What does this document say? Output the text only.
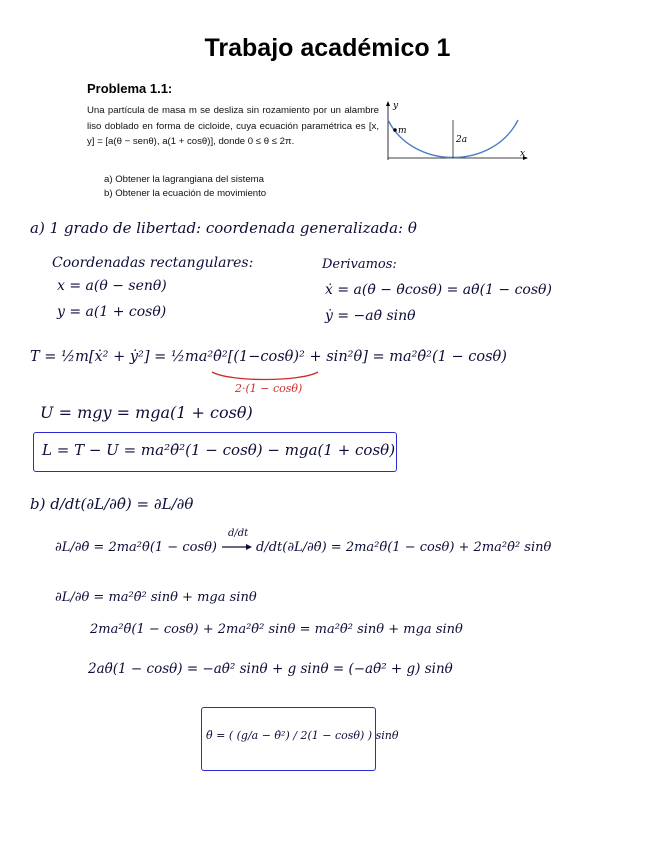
Trabajo académico 1
Problema 1.1:
Una partícula de masa m se desliza sin rozamiento por un alambre liso doblado en forma de cicloide, cuya ecuación paramétrica es [x, y] = [a(θ − senθ), a(1 + cosθ)], donde 0 ≤ θ ≤ 2π.
a) Obtener la lagrangiana del sistema
b) Obtener la ecuación de movimiento
y
x
m
2a
a) 1 grado de libertad: coordenada generalizada: θ
Coordenadas rectangulares:	Derivamos:
x = a(θ − senθ)
y = a(1 + cosθ)
ẋ = a(θ̇ − θ̇cosθ) = aθ̇(1 − cosθ)
ẏ = −aθ̇ sinθ
T = ½m[ẋ² + ẏ²] = ½ma²θ̇²[(1−cosθ)² + sin²θ] = ma²θ̇²(1 − cosθ)
2·(1 − cosθ)
U = mgy = mga(1 + cosθ)
L = T − U = ma²θ̇²(1 − cosθ) − mga(1 + cosθ)
b) d/dt(∂L/∂θ̇) = ∂L/∂θ
∂L/∂θ̇ = 2ma²θ̇(1 − cosθ)
d/dt
d/dt(∂L/∂θ̇) = 2ma²θ̈(1 − cosθ) + 2ma²θ̇² sinθ
∂L/∂θ = ma²θ̇² sinθ + mga sinθ
2ma²θ̈(1 − cosθ) + 2ma²θ̇² sinθ = ma²θ̇² sinθ + mga sinθ
2aθ̈(1 − cosθ) = −aθ̇² sinθ + g sinθ = (−aθ̇² + g) sinθ
θ̈ = ( (g/a − θ̇²) / 2(1 − cosθ) ) sinθ
